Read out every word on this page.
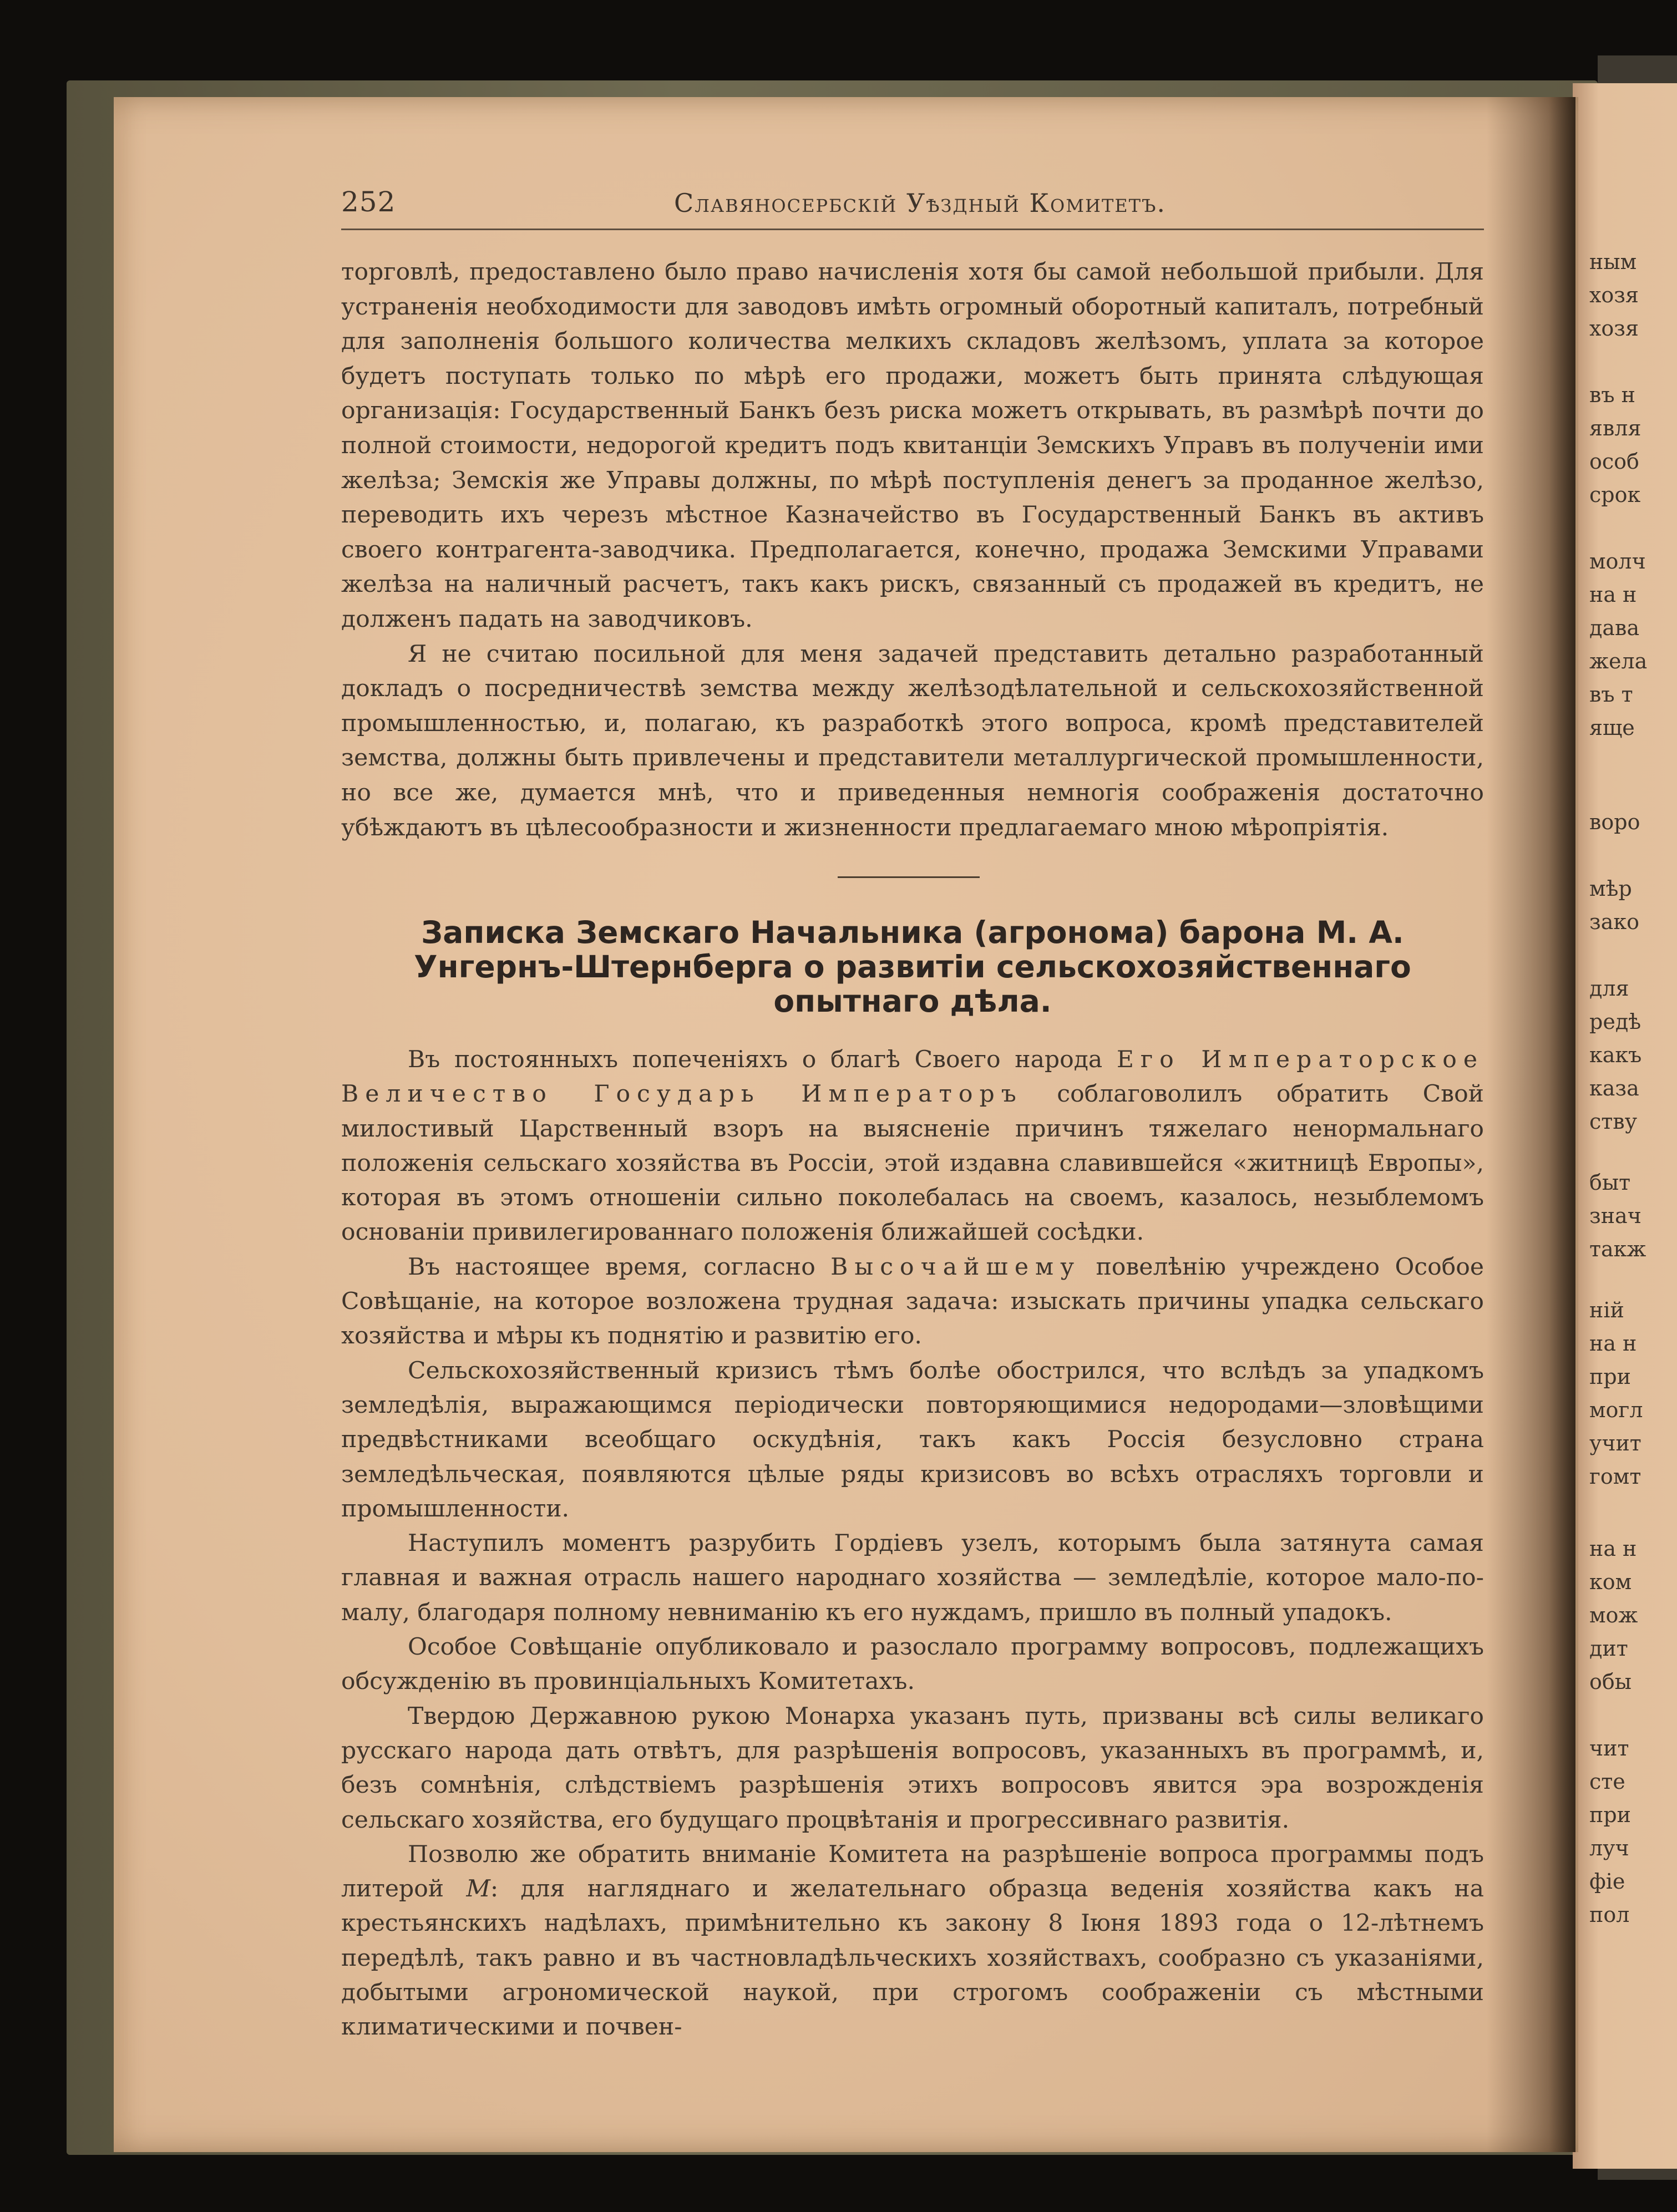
ным
хозя
хозя
въ н
явля
особ
срок
молч
на н
дава
жела
въ т
яще
воро
мѣр
зако
для
редѣ
какъ
каза
ству
быт
знач
такж
ній
на н
при
могл
учит
гомт
на н
ком
мож
дит
обы
чит
сте
при
луч
фіе
пол
252	Славяносербскій Уѣздный Комитетъ.

торговлѣ, предоставлено было право начисленія хотя бы самой небольшой прибыли. Для устраненія необходимости для заводовъ имѣть огромный оборотный капиталъ, потребный для заполненія большого количества мелкихъ складовъ желѣзомъ, уплата за которое будетъ поступать только по мѣрѣ его продажи, можетъ быть принята слѣдующая организація: Государственный Банкъ безъ риска можетъ открывать, въ размѣрѣ почти до полной стоимости, недорогой кредитъ подъ квитанціи Земскихъ Управъ въ полученіи ими желѣза; Земскія же Управы должны, по мѣрѣ поступленія денегъ за проданное желѣзо, переводить ихъ черезъ мѣстное Казначейство въ Государственный Банкъ въ активъ своего контрагента-заводчика. Предполагается, конечно, продажа Земскими Управами желѣза на наличный расчетъ, такъ какъ рискъ, связанный съ продажей въ кредитъ, не долженъ падать на заводчиковъ.

Я не считаю посильной для меня задачей представить детально разработанный докладъ о посредничествѣ земства между желѣзодѣлательной и сельскохозяйственной промышленностью, и, полагаю, къ разработкѣ этого вопроса, кромѣ представителей земства, должны быть привлечены и представители металлургической промышленности, но все же, думается мнѣ, что и приведенныя немногія соображенія достаточно убѣждаютъ въ цѣлесообразности и жизненности предлагаемаго мною мѣропріятія.

Записка Земскаго Начальника (агронома) барона М. А. Унгернъ-Штернберга о развитіи сельскохозяйственнаго опытнаго дѣла.

Въ постоянныхъ попеченіяхъ о благѣ Своего народа Его Императорское Величество Государь Императоръ соблаговолилъ обратить Свой милостивый Царственный взоръ на выясненіе причинъ тяжелаго ненормальнаго положенія сельскаго хозяйства въ Россіи, этой издавна славившейся «житницѣ Европы», которая въ этомъ отношеніи сильно поколебалась на своемъ, казалось, незыблемомъ основаніи привилегированнаго положенія ближайшей сосѣдки.

Въ настоящее время, согласно Высочайшему повелѣнію учреждено Особое Совѣщаніе, на которое возложена трудная задача: изыскать причины упадка сельскаго хозяйства и мѣры къ поднятію и развитію его.

Сельскохозяйственный кризисъ тѣмъ болѣе обострился, что вслѣдъ за упадкомъ земледѣлія, выражающимся періодически повторяющимися недородами—зловѣщими предвѣстниками всеобщаго оскудѣнія, такъ какъ Россія безусловно страна земледѣльческая, появляются цѣлые ряды кризисовъ во всѣхъ отрасляхъ торговли и промышленности.

Наступилъ моментъ разрубить Гордіевъ узелъ, которымъ была затянута самая главная и важная отрасль нашего народнаго хозяйства — земледѣліе, которое мало-по-малу, благодаря полному невниманію къ его нуждамъ, пришло въ полный упадокъ.

Особое Совѣщаніе опубликовало и разослало программу вопросовъ, подлежащихъ обсужденію въ провинціальныхъ Комитетахъ.

Твердою Державною рукою Монарха указанъ путь, призваны всѣ силы великаго русскаго народа дать отвѣтъ, для разрѣшенія вопросовъ, указанныхъ въ программѣ, и, безъ сомнѣнія, слѣдствіемъ разрѣшенія этихъ вопросовъ явится эра возрожденія сельскаго хозяйства, его будущаго процвѣтанія и прогрессивнаго развитія.

Позволю же обратить вниманіе Комитета на разрѣшеніе вопроса программы подъ литерой М: для нагляднаго и желательнаго образца веденія хозяйства какъ на крестьянскихъ надѣлахъ, примѣнительно къ закону 8 Іюня 1893 года о 12-лѣтнемъ передѣлѣ, такъ равно и въ частновладѣльческихъ хозяйствахъ, сообразно съ указаніями, добытыми агрономической наукой, при строгомъ соображеніи съ мѣстными климатическими и почвен-
